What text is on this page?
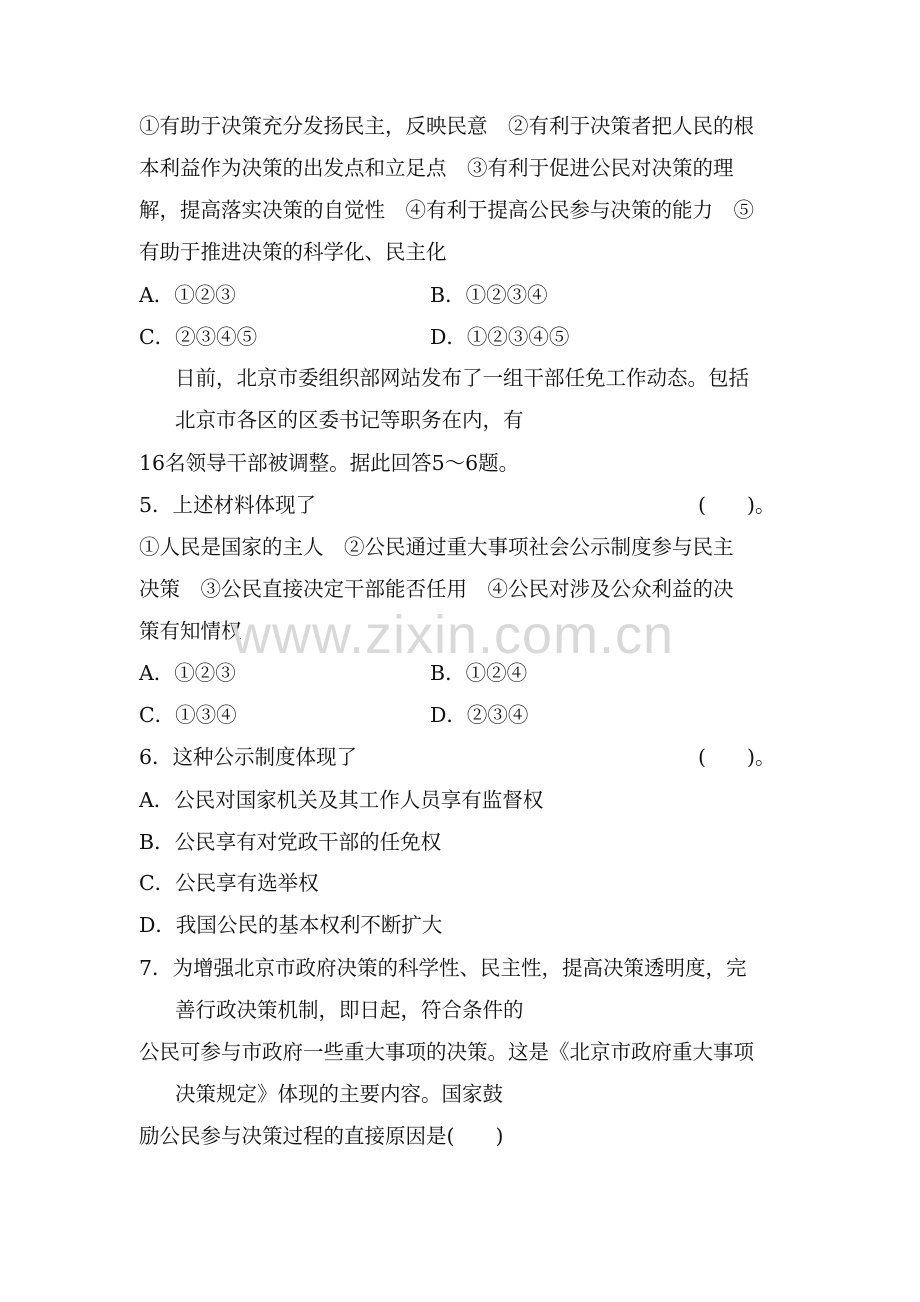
①有助于决策充分发扬民主，反映民意　②有利于决策者把人民的根
本利益作为决策的出发点和立足点　③有利于促进公民对决策的理
解，提高落实决策的自觉性　④有利于提高公民参与决策的能力　⑤
有助于推进决策的科学化、民主化
A．①②③	B．①②③④
C．②③④⑤	D．①②③④⑤
日前，北京市委组织部网站发布了一组干部任免工作动态。包括
北京市各区的区委书记等职务在内，有
16名领导干部被调整。据此回答5～6题。
5．上述材料体现了	(　　)。
①人民是国家的主人　②公民通过重大事项社会公示制度参与民主
决策　③公民直接决定干部能否任用　④公民对涉及公众利益的决
策有知情权
A．①②③	B．①②④
C．①③④	D．②③④
6．这种公示制度体现了	(　　)。
A．公民对国家机关及其工作人员享有监督权
B．公民享有对党政干部的任免权
C．公民享有选举权
D．我国公民的基本权利不断扩大
7．为增强北京市政府决策的科学性、民主性，提高决策透明度，完
善行政决策机制，即日起，符合条件的
公民可参与市政府一些重大事项的决策。这是《北京市政府重大事项
决策规定》体现的主要内容。国家鼓
励公民参与决策过程的直接原因是(　　)
www.zixin.com.cn
